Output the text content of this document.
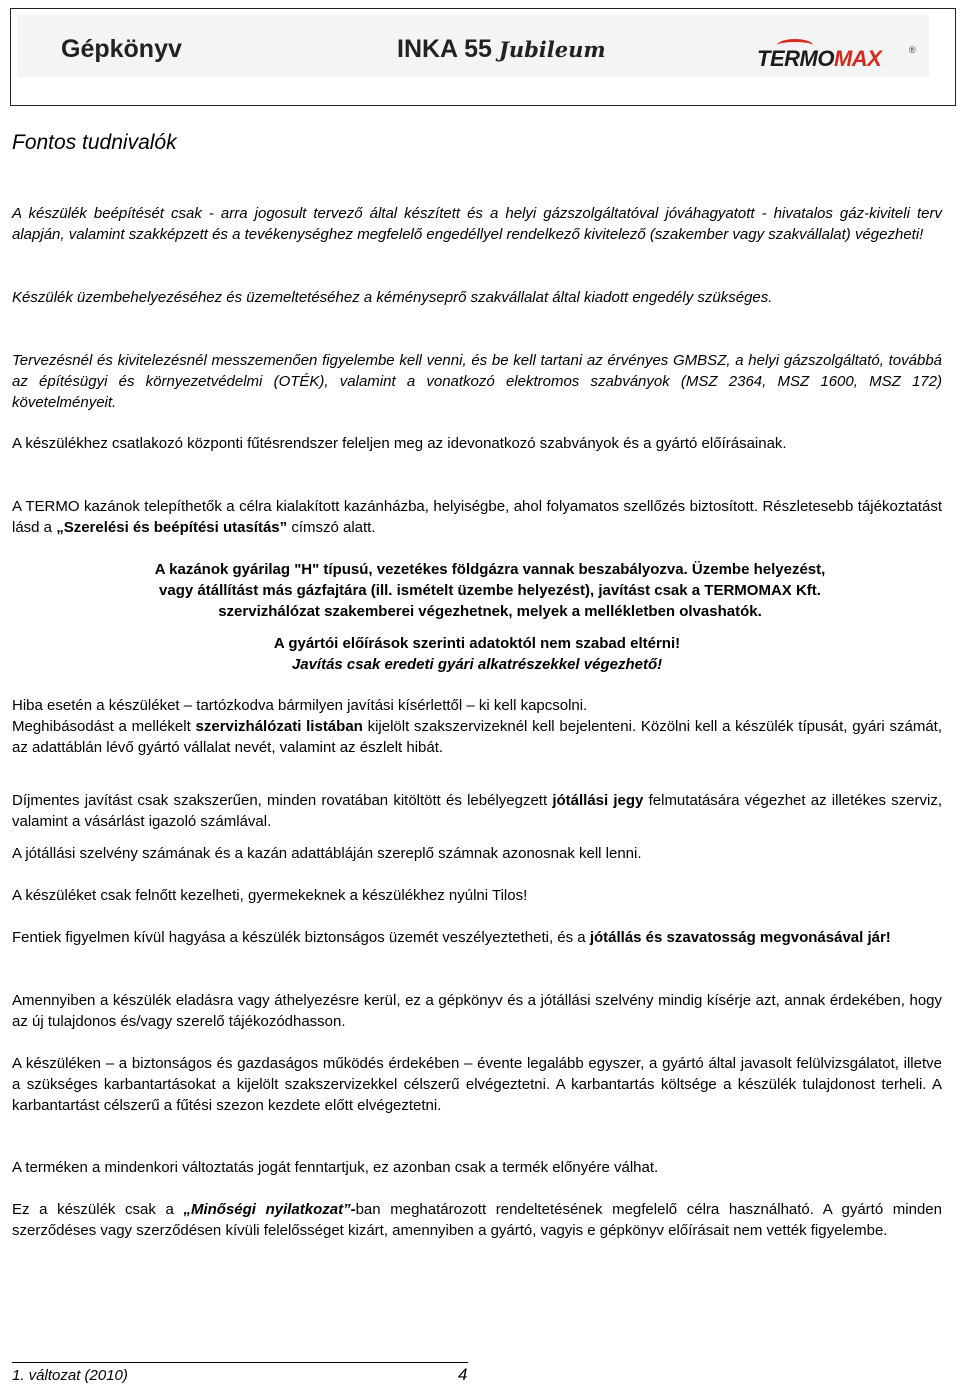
Gépkönyv	INKA 55 Jubileum	TERMOMAX	®
Fontos tudnivalók

A készülék beépítését csak - arra jogosult tervező által készített és a helyi gázszolgáltatóval jóváhagyatott - hivatalos gáz-kiviteli terv alapján, valamint szakképzett és a tevékenységhez megfelelő engedéllyel rendelkező kivitelező (szakember vagy szakvállalat) végezheti!

Készülék üzembehelyezéséhez és üzemeltetéséhez a kéményseprő szakvállalat által kiadott engedély szükséges.

Tervezésnél és kivitelezésnél messzemenően figyelembe kell venni, és be kell tartani az érvényes GMBSZ, a helyi gázszolgáltató, továbbá az építésügyi és környezetvédelmi (OTÉK), valamint a vonatkozó elektromos szabványok (MSZ 2364, MSZ 1600, MSZ 172) követelményeit.

A készülékhez csatlakozó központi fűtésrendszer feleljen meg az idevonatkozó szabványok és a gyártó előírásainak.

A TERMO kazánok telepíthetők a célra kialakított kazánházba, helyiségbe, ahol folyamatos szellőzés biztosított. Részletesebb tájékoztatást lásd a „Szerelési és beépítési utasítás” címszó alatt.

A kazánok gyárilag "H" típusú, vezetékes földgázra vannak beszabályozva. Üzembe helyezést, vagy átállítást más gázfajtára (ill. ismételt üzembe helyezést), javítást csak a TERMOMAX Kft. szervizhálózat szakemberei végezhetnek, melyek a mellékletben olvashatók.

A gyártói előírások szerinti adatoktól nem szabad eltérni!

Javítás csak eredeti gyári alkatrészekkel végezhető!

Hiba esetén a készüléket – tartózkodva bármilyen javítási kísérlettől – ki kell kapcsolni.

Meghibásodást a mellékelt szervizhálózati listában kijelölt szakszervizeknél kell bejelenteni. Közölni kell a készülék típusát, gyári számát, az adattáblán lévő gyártó vállalat nevét, valamint az észlelt hibát.

Díjmentes javítást csak szakszerűen, minden rovatában kitöltött és lebélyegzett jótállási jegy felmutatására végezhet az illetékes szerviz, valamint a vásárlást igazoló számlával.

A jótállási szelvény számának és a kazán adattábláján szereplő számnak azonosnak kell lenni.

A készüléket csak felnőtt kezelheti, gyermekeknek a készülékhez nyúlni Tilos!

Fentiek figyelmen kívül hagyása a készülék biztonságos üzemét veszélyeztetheti, és a jótállás és szavatosság megvonásával jár!

Amennyiben a készülék eladásra vagy áthelyezésre kerül, ez a gépkönyv és a jótállási szelvény mindig kísérje azt, annak érdekében, hogy az új tulajdonos és/vagy szerelő tájékozódhasson.

A készüléken – a biztonságos és gazdaságos működés érdekében – évente legalább egyszer, a gyártó által javasolt felülvizsgálatot, illetve a szükséges karbantartásokat a kijelölt szakszervizekkel célszerű elvégeztetni. A karbantartás költsége a készülék tulajdonost terheli. A karbantartást célszerű a fűtési szezon kezdete előtt elvégeztetni.

A terméken a mindenkori változtatás jogát fenntartjuk, ez azonban csak a termék előnyére válhat.

Ez a készülék csak a „Minőségi nyilatkozat”-ban meghatározott rendeltetésének megfelelő célra használható. A gyártó minden szerződéses vagy szerződésen kívüli felelősséget kizárt, amennyiben a gyártó, vagyis e gépkönyv előírásait nem vették figyelembe.

1. változat (2010)	4
